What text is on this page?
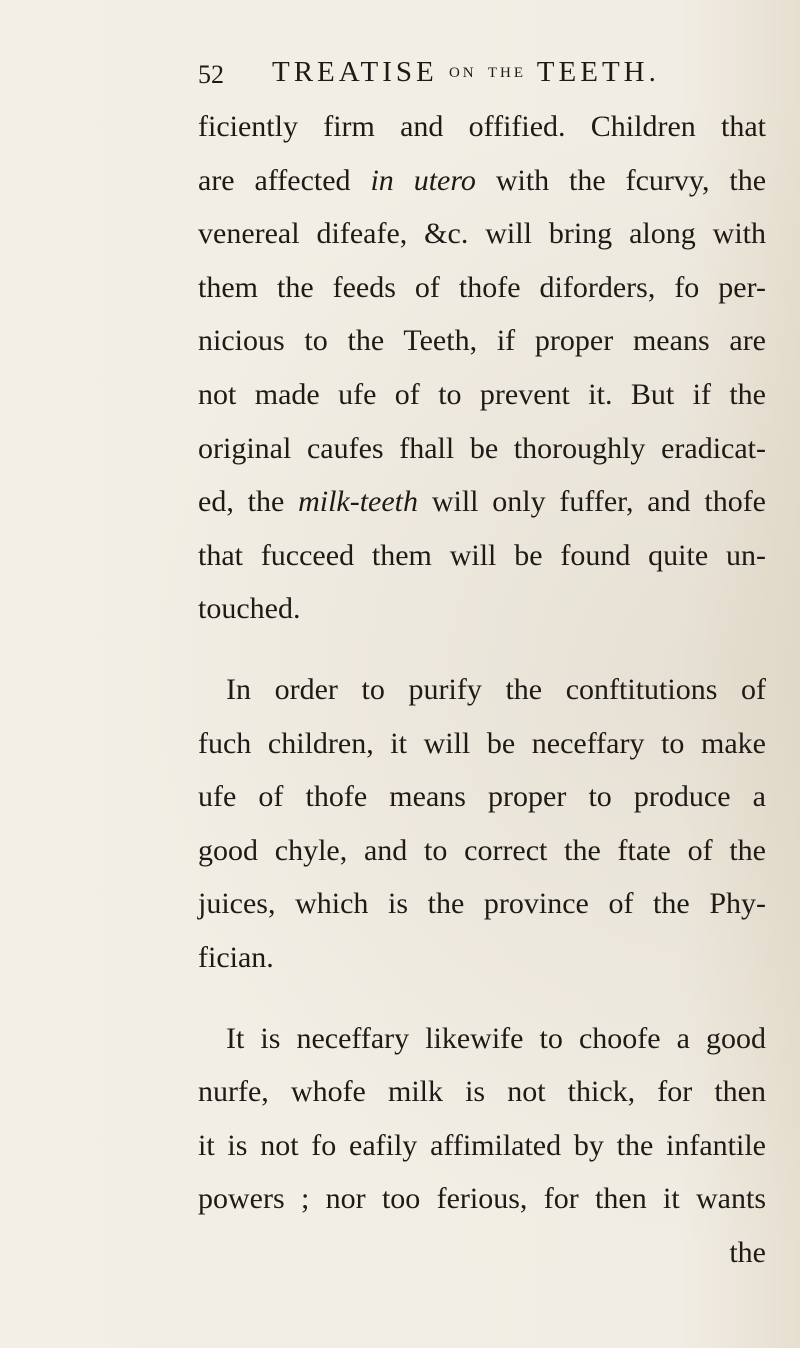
52 TREATISE ON THE TEETH.
ficiently firm and offified. Children that
are affected in utero with the fcurvy, the
venereal difeafe, &c. will bring along with
them the feeds of thofe diforders, fo per-
nicious to the Teeth, if proper means are
not made ufe of to prevent it. But if the
original caufes fhall be thoroughly eradicat-
ed, the milk-teeth will only fuffer, and thofe
that fucceed them will be found quite un-
touched.
In order to purify the conftitutions of
fuch children, it will be neceffary to make
ufe of thofe means proper to produce a
good chyle, and to correct the ftate of the
juices, which is the province of the Phy-
fician.
It is neceffary likewife to choofe a good
nurfe, whofe milk is not thick, for then
it is not fo eafily affimilated by the infantile
powers ; nor too ferious, for then it wants
the
